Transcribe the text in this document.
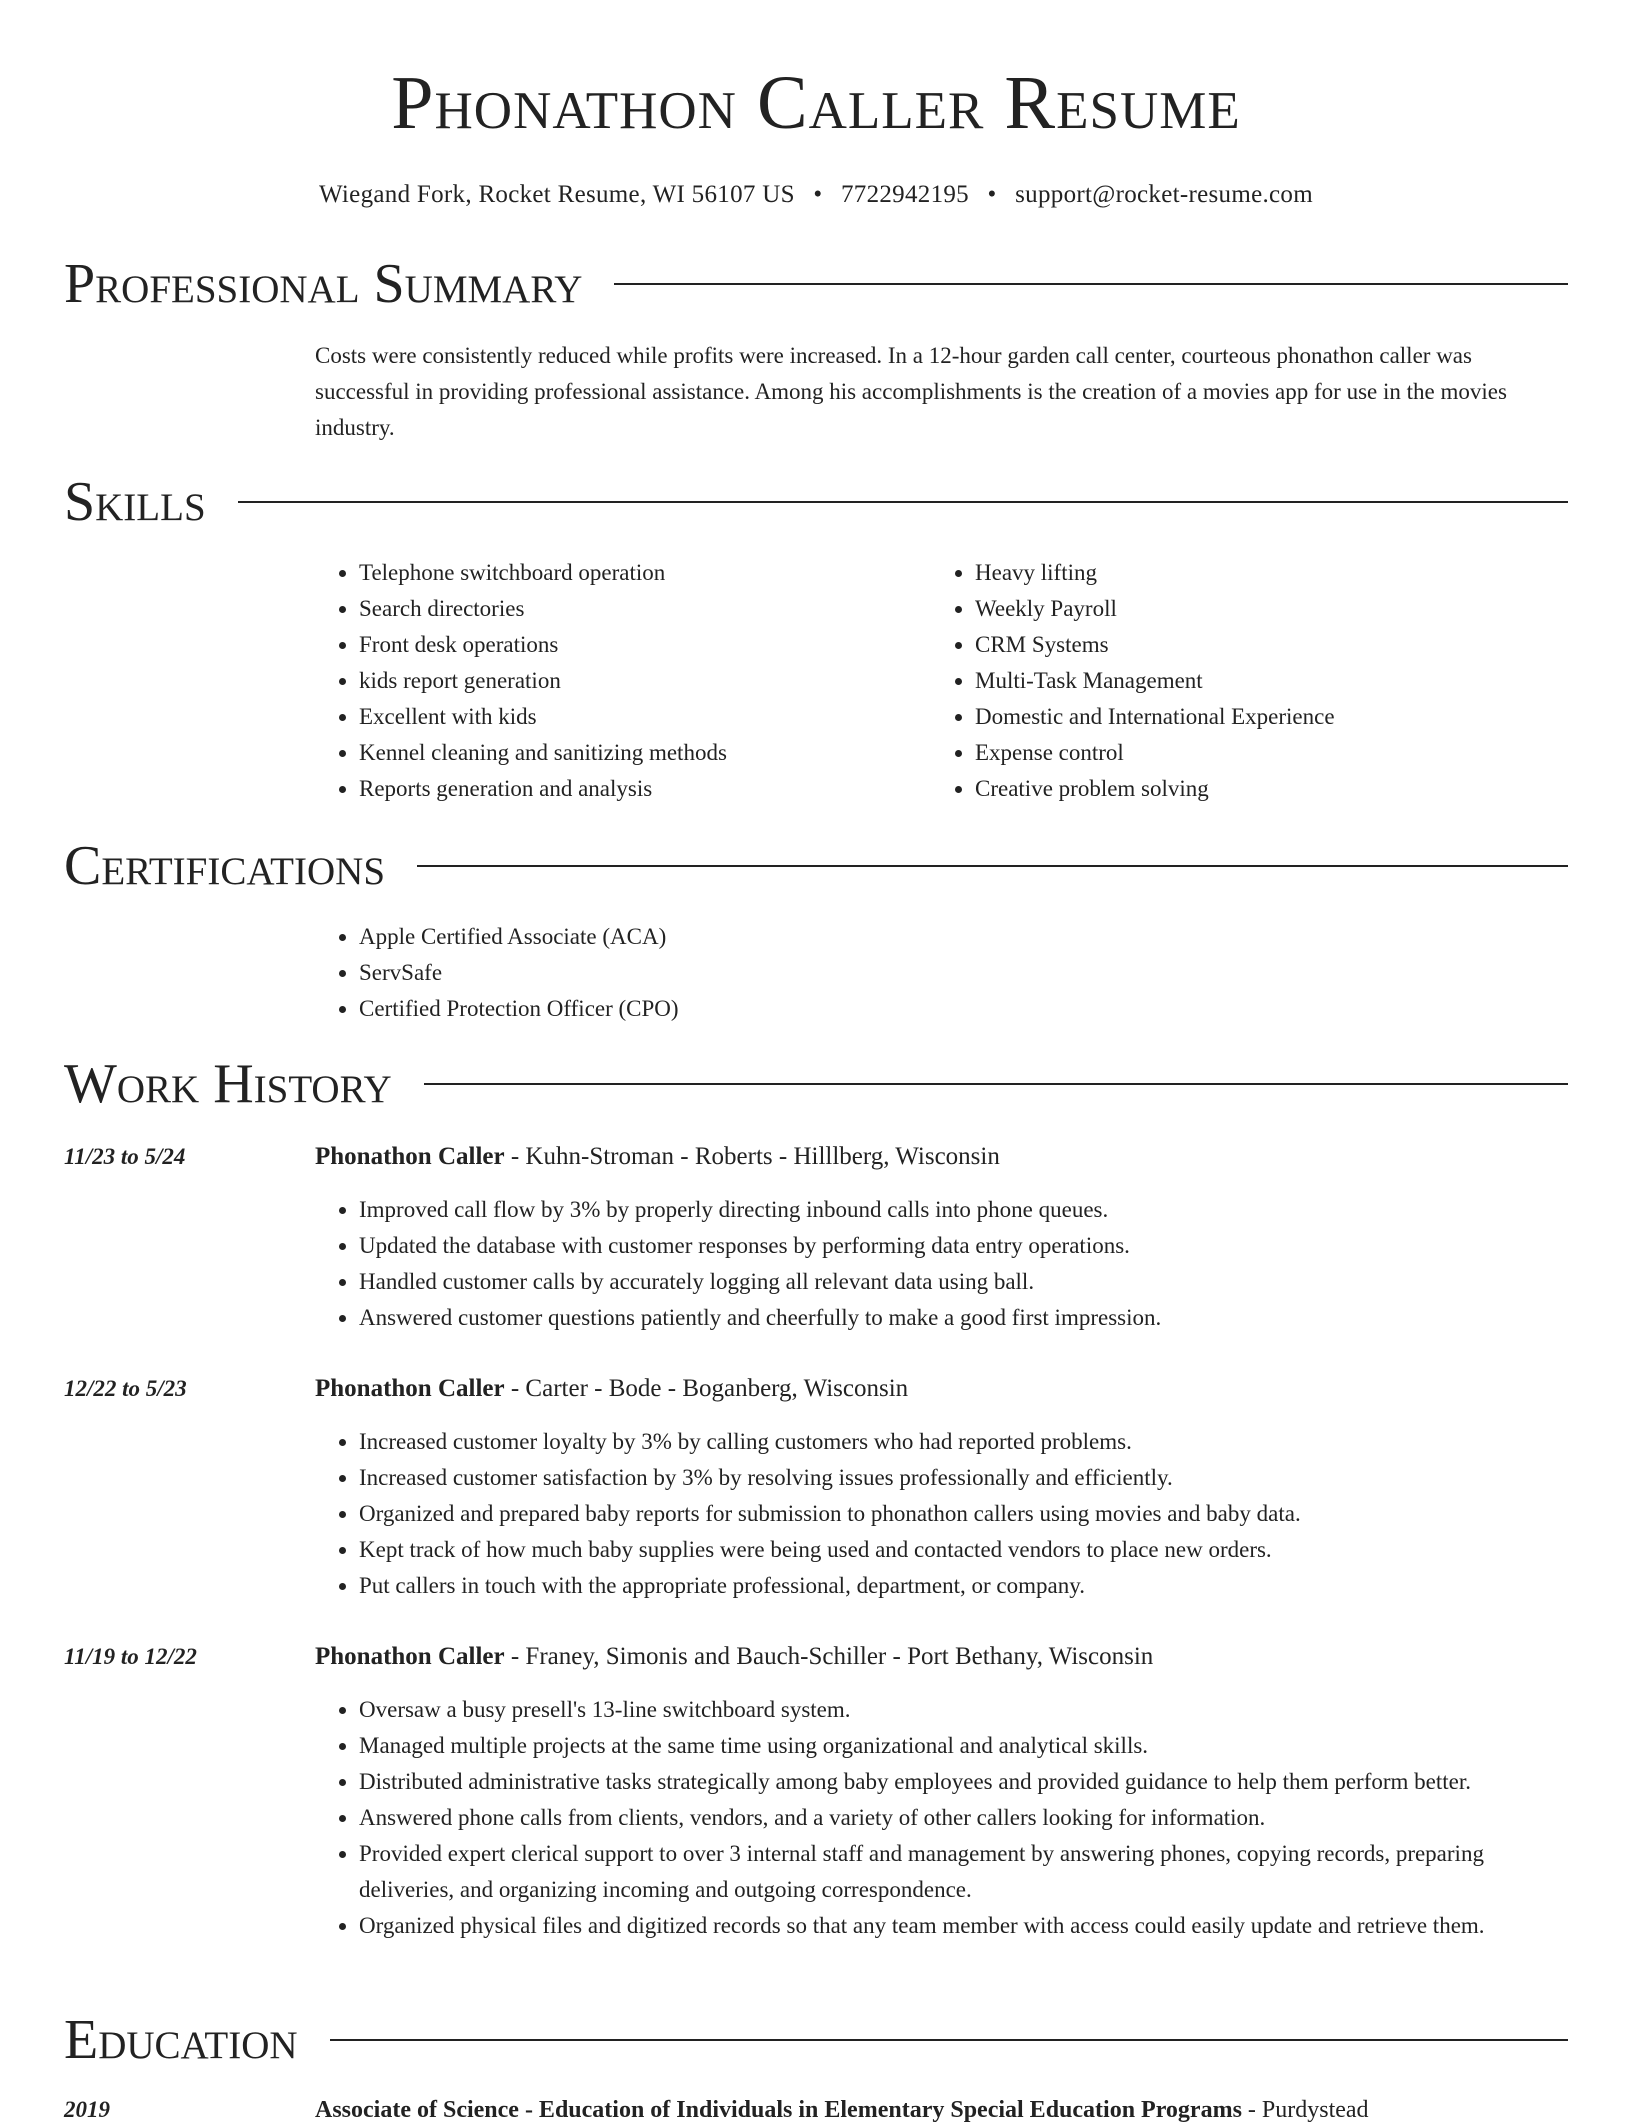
Phonathon Caller Resume
Wiegand Fork, Rocket Resume, WI 56107 US • 7722942195 • support@rocket-resume.com
Professional Summary
Costs were consistently reduced while profits were increased. In a 12-hour garden call center, courteous phonathon caller was successful in providing professional assistance. Among his accomplishments is the creation of a movies app for use in the movies industry.
Skills
• Telephone switchboard operation
• Search directories
• Front desk operations
• kids report generation
• Excellent with kids
• Kennel cleaning and sanitizing methods
• Reports generation and analysis
• Heavy lifting
• Weekly Payroll
• CRM Systems
• Multi-Task Management
• Domestic and International Experience
• Expense control
• Creative problem solving
Certifications
• Apple Certified Associate (ACA)
• ServSafe
• Certified Protection Officer (CPO)
Work History
11/23 to 5/24	Phonathon Caller - Kuhn-Stroman - Roberts - Hilllberg, Wisconsin
• Improved call flow by 3% by properly directing inbound calls into phone queues.
• Updated the database with customer responses by performing data entry operations.
• Handled customer calls by accurately logging all relevant data using ball.
• Answered customer questions patiently and cheerfully to make a good first impression.
12/22 to 5/23	Phonathon Caller - Carter - Bode - Boganberg, Wisconsin
• Increased customer loyalty by 3% by calling customers who had reported problems.
• Increased customer satisfaction by 3% by resolving issues professionally and efficiently.
• Organized and prepared baby reports for submission to phonathon callers using movies and baby data.
• Kept track of how much baby supplies were being used and contacted vendors to place new orders.
• Put callers in touch with the appropriate professional, department, or company.
11/19 to 12/22	Phonathon Caller - Franey, Simonis and Bauch-Schiller - Port Bethany, Wisconsin
• Oversaw a busy presell's 13-line switchboard system.
• Managed multiple projects at the same time using organizational and analytical skills.
• Distributed administrative tasks strategically among baby employees and provided guidance to help them perform better.
• Answered phone calls from clients, vendors, and a variety of other callers looking for information.
• Provided expert clerical support to over 3 internal staff and management by answering phones, copying records, preparing deliveries, and organizing incoming and outgoing correspondence.
• Organized physical files and digitized records so that any team member with access could easily update and retrieve them.
Education
2019	Associate of Science - Education of Individuals in Elementary Special Education Programs - Purdystead
